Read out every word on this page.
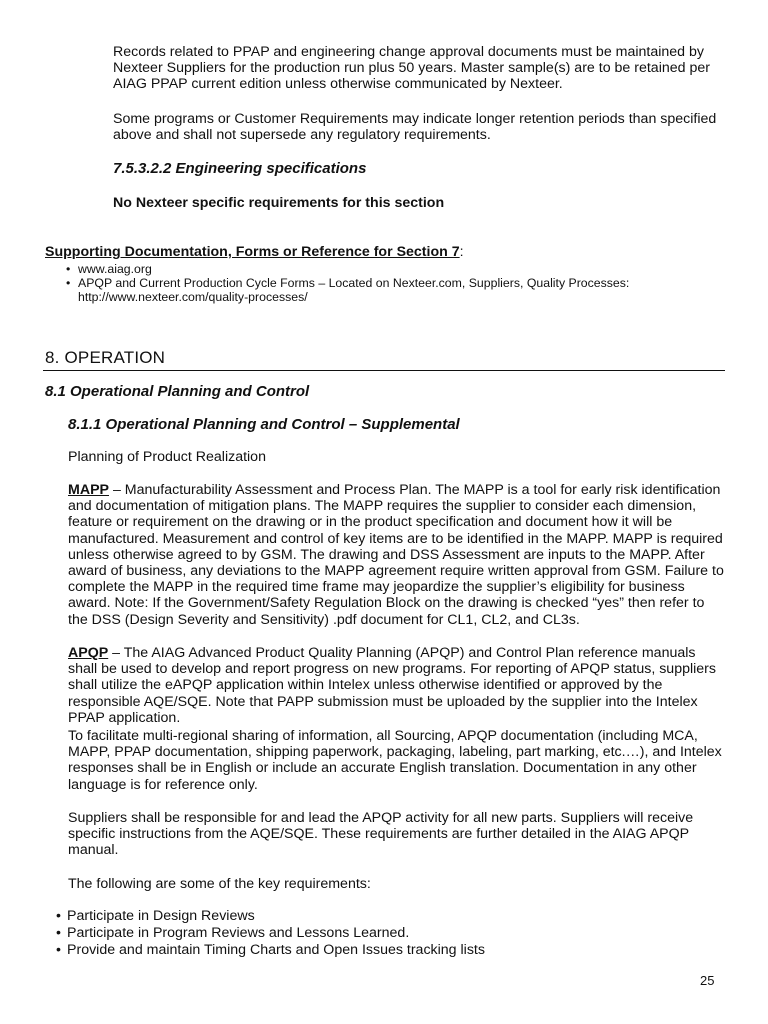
Records related to PPAP and engineering change approval documents must be maintained by Nexteer Suppliers for the production run plus 50 years. Master sample(s) are to be retained per AIAG PPAP current edition unless otherwise communicated by Nexteer.

Some programs or Customer Requirements may indicate longer retention periods than specified above and shall not supersede any regulatory requirements.

7.5.3.2.2 Engineering specifications

No Nexteer specific requirements for this section

Supporting Documentation, Forms or Reference for Section 7:

• www.aiag.org
• APQP and Current Production Cycle Forms – Located on Nexteer.com, Suppliers, Quality Processes:
http://www.nexteer.com/quality-processes/

8. OPERATION

8.1 Operational Planning and Control

8.1.1 Operational Planning and Control – Supplemental

Planning of Product Realization

MAPP – Manufacturability Assessment and Process Plan. The MAPP is a tool for early risk identification and documentation of mitigation plans. The MAPP requires the supplier to consider each dimension, feature or requirement on the drawing or in the product specification and document how it will be manufactured. Measurement and control of key items are to be identified in the MAPP. MAPP is required unless otherwise agreed to by GSM. The drawing and DSS Assessment are inputs to the MAPP. After award of business, any deviations to the MAPP agreement require written approval from GSM. Failure to complete the MAPP in the required time frame may jeopardize the supplier’s eligibility for business award. Note: If the Government/Safety Regulation Block on the drawing is checked “yes” then refer to the DSS (Design Severity and Sensitivity) .pdf document for CL1, CL2, and CL3s.

APQP – The AIAG Advanced Product Quality Planning (APQP) and Control Plan reference manuals shall be used to develop and report progress on new programs. For reporting of APQP status, suppliers shall utilize the eAPQP application within Intelex unless otherwise identified or approved by the responsible AQE/SQE. Note that PAPP submission must be uploaded by the supplier into the Intelex PPAP application.

To facilitate multi-regional sharing of information, all Sourcing, APQP documentation (including MCA, MAPP, PPAP documentation, shipping paperwork, packaging, labeling, part marking, etc.…), and Intelex responses shall be in English or include an accurate English translation. Documentation in any other language is for reference only.

Suppliers shall be responsible for and lead the APQP activity for all new parts. Suppliers will receive specific instructions from the AQE/SQE. These requirements are further detailed in the AIAG APQP manual.

The following are some of the key requirements:

• Participate in Design Reviews
• Participate in Program Reviews and Lessons Learned.
• Provide and maintain Timing Charts and Open Issues tracking lists
25
